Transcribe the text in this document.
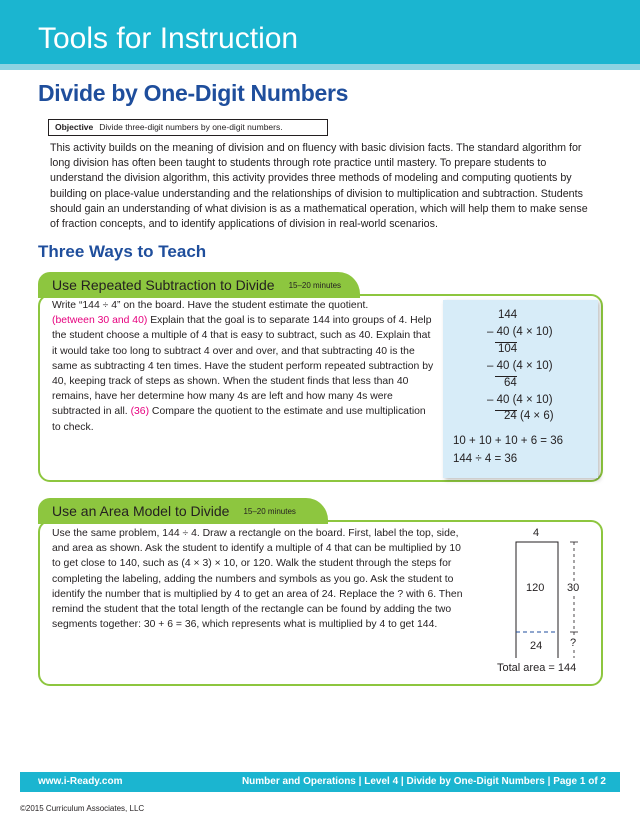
Tools for Instruction
Divide by One-Digit Numbers
Objective Divide three-digit numbers by one-digit numbers.
This activity builds on the meaning of division and on fluency with basic division facts. The standard algorithm for long division has often been taught to students through rote practice until mastery. To prepare students to understand the division algorithm, this activity provides three methods of modeling and computing quotients by building on place-value understanding and the relationships of division to multiplication and subtraction. Students should gain an understanding of what division is as a mathematical operation, which will help them to make sense of fraction concepts, and to identify applications of division in real-world scenarios.
Three Ways to Teach
Use Repeated Subtraction to Divide 15–20 minutes
Write “144 ÷ 4” on the board. Have the student estimate the quotient.
(between 30 and 40) Explain that the goal is to separate 144 into groups of 4. Help the student choose a multiple of 4 that is easy to subtract, such as 40. Explain that it would take too long to subtract 4 over and over, and that subtracting 40 is the same as subtracting 4 ten times. Have the student perform repeated subtraction by 40, keeping track of steps as shown. When the student finds that less than 40 remains, have her determine how many 4s are left and how many 4s were subtracted in all. (36) Compare the quotient to the estimate and use multiplication to check.
144
– 40 (4 × 10)
104
– 40 (4 × 10)
64
– 40 (4 × 10)
24 (4 × 6)
10 + 10 + 10 + 6 = 36
144 ÷ 4 = 36
Use an Area Model to Divide 15–20 minutes
Use the same problem, 144 ÷ 4. Draw a rectangle on the board. First, label the top, side, and area as shown. Ask the student to identify a multiple of 4 that can be multiplied by 10 to get close to 140, such as (4 × 3) × 10, or 120. Walk the student through the steps for completing the labeling, adding the numbers and symbols as you go. Ask the student to identify the number that is multiplied by 4 to get an area of 24. Replace the ? with 6. Then remind the student that the total length of the rectangle can be found by adding the two segments together: 30 + 6 = 36, which represents what is multiplied by 4 to get 144.
4
120 30
24	?
Total area = 144
www.i-Ready.com	Number and Operations | Level 4 | Divide by One-Digit Numbers | Page 1 of 2
©2015 Curriculum Associates, LLC
